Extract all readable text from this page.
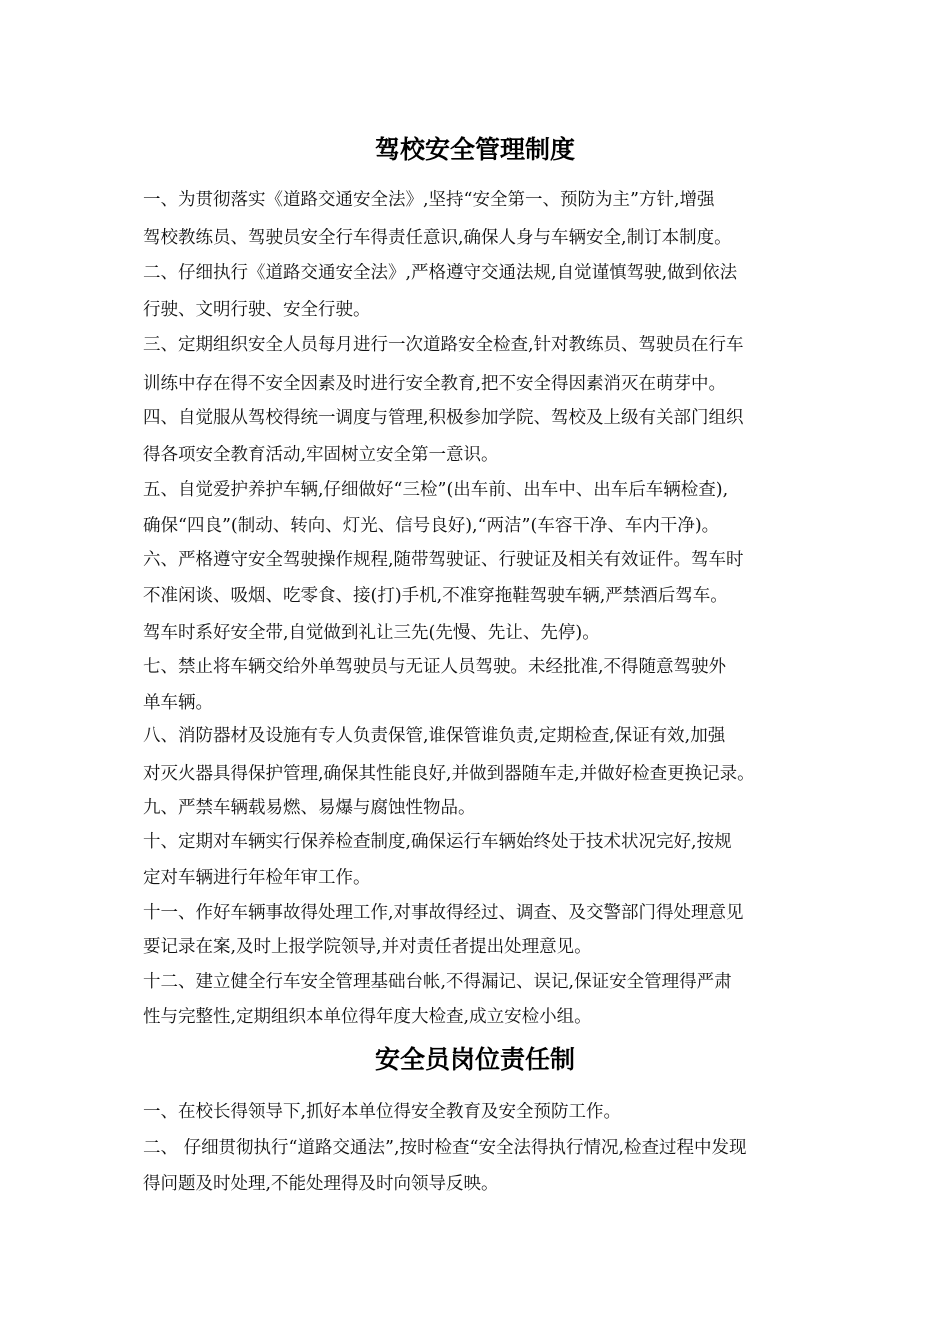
驾校安全管理制度
一、为贯彻落实《道路交通安全法》,坚持“安全第一、预防为主”方针,增强
驾校教练员、驾驶员安全行车得责任意识,确保人身与车辆安全,制订本制度。
二、仔细执行《道路交通安全法》,严格遵守交通法规,自觉谨慎驾驶,做到依法
行驶、文明行驶、安全行驶。
三、定期组织安全人员每月进行一次道路安全检查,针对教练员、驾驶员在行车
训练中存在得不安全因素及时进行安全教育,把不安全得因素消灭在萌芽中。
四、自觉服从驾校得统一调度与管理,积极参加学院、驾校及上级有关部门组织
得各项安全教育活动,牢固树立安全第一意识。
五、自觉爱护养护车辆,仔细做好“三检”(出车前、出车中、出车后车辆检查),
确保“四良”(制动、转向、灯光、信号良好),“两洁”(车容干净、车内干净)。
六、严格遵守安全驾驶操作规程,随带驾驶证、行驶证及相关有效证件。驾车时
不准闲谈、吸烟、吃零食、接(打)手机,不准穿拖鞋驾驶车辆,严禁酒后驾车。
驾车时系好安全带,自觉做到礼让三先(先慢、先让、先停)。
七、禁止将车辆交给外单驾驶员与无证人员驾驶。未经批准,不得随意驾驶外
单车辆。
八、消防器材及设施有专人负责保管,谁保管谁负责,定期检查,保证有效,加强
对灭火器具得保护管理,确保其性能良好,并做到器随车走,并做好检查更换记录。
九、严禁车辆载易燃、易爆与腐蚀性物品。
十、定期对车辆实行保养检查制度,确保运行车辆始终处于技术状况完好,按规
定对车辆进行年检年审工作。
十一、作好车辆事故得处理工作,对事故得经过、调查、及交警部门得处理意见
要记录在案,及时上报学院领导,并对责任者提出处理意见。
十二、建立健全行车安全管理基础台帐,不得漏记、误记,保证安全管理得严肃
性与完整性,定期组织本单位得年度大检查,成立安检小组。
安全员岗位责任制
一、在校长得领导下,抓好本单位得安全教育及安全预防工作。
二、 仔细贯彻执行“道路交通法”,按时检查“安全法得执行情况,检查过程中发现
得问题及时处理,不能处理得及时向领导反映。
